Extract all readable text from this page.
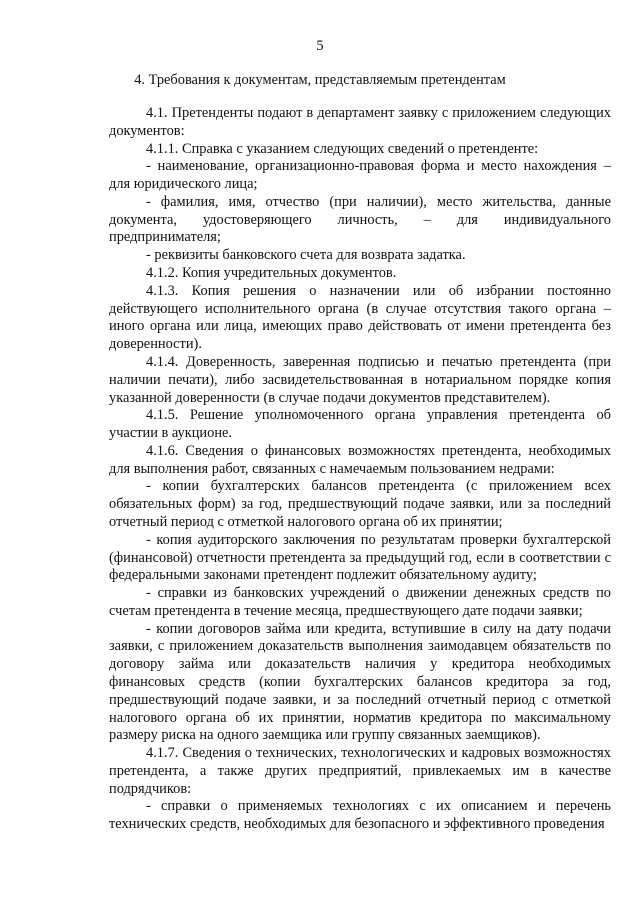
5
4. Требования к документам, представляемым претендентам

4.1. Претенденты подают в департамент заявку с приложением следующих документов:

4.1.1. Справка с указанием следующих сведений о претенденте:

- наименование, организационно-правовая форма и место нахождения – для юридического лица;

- фамилия, имя, отчество (при наличии), место жительства, данные документа, удостоверяющего личность, – для индивидуального предпринимателя;

- реквизиты банковского счета для возврата задатка.

4.1.2. Копия учредительных документов.

4.1.3. Копия решения о назначении или об избрании постоянно действующего исполнительного органа (в случае отсутствия такого органа – иного органа или лица, имеющих право действовать от имени претендента без доверенности).

4.1.4. Доверенность, заверенная подписью и печатью претендента (при наличии печати), либо засвидетельствованная в нотариальном порядке копия указанной доверенности (в случае подачи документов представителем).

4.1.5. Решение уполномоченного органа управления претендента об участии в аукционе.

4.1.6. Сведения о финансовых возможностях претендента, необходимых для выполнения работ, связанных с намечаемым пользованием недрами:

- копии бухгалтерских балансов претендента (с приложением всех обязательных форм) за год, предшествующий подаче заявки, или за последний отчетный период с отметкой налогового органа об их принятии;

- копия аудиторского заключения по результатам проверки бухгалтерской (финансовой) отчетности претендента за предыдущий год, если в соответствии с федеральными законами претендент подлежит обязательному аудиту;

- справки из банковских учреждений о движении денежных средств по счетам претендента в течение месяца, предшествующего дате подачи заявки;

- копии договоров займа или кредита, вступившие в силу на дату подачи заявки, с приложением доказательств выполнения заимодавцем обязательств по договору займа или доказательств наличия у кредитора необходимых финансовых средств (копии бухгалтерских балансов кредитора за год, предшествующий подаче заявки, и за последний отчетный период с отметкой налогового органа об их принятии, норматив кредитора по максимальному размеру риска на одного заемщика или группу связанных заемщиков).

4.1.7. Сведения о технических, технологических и кадровых возможностях претендента, а также других предприятий, привлекаемых им в качестве подрядчиков:

- справки о применяемых технологиях с их описанием и перечень технических средств, необходимых для безопасного и эффективного проведения
